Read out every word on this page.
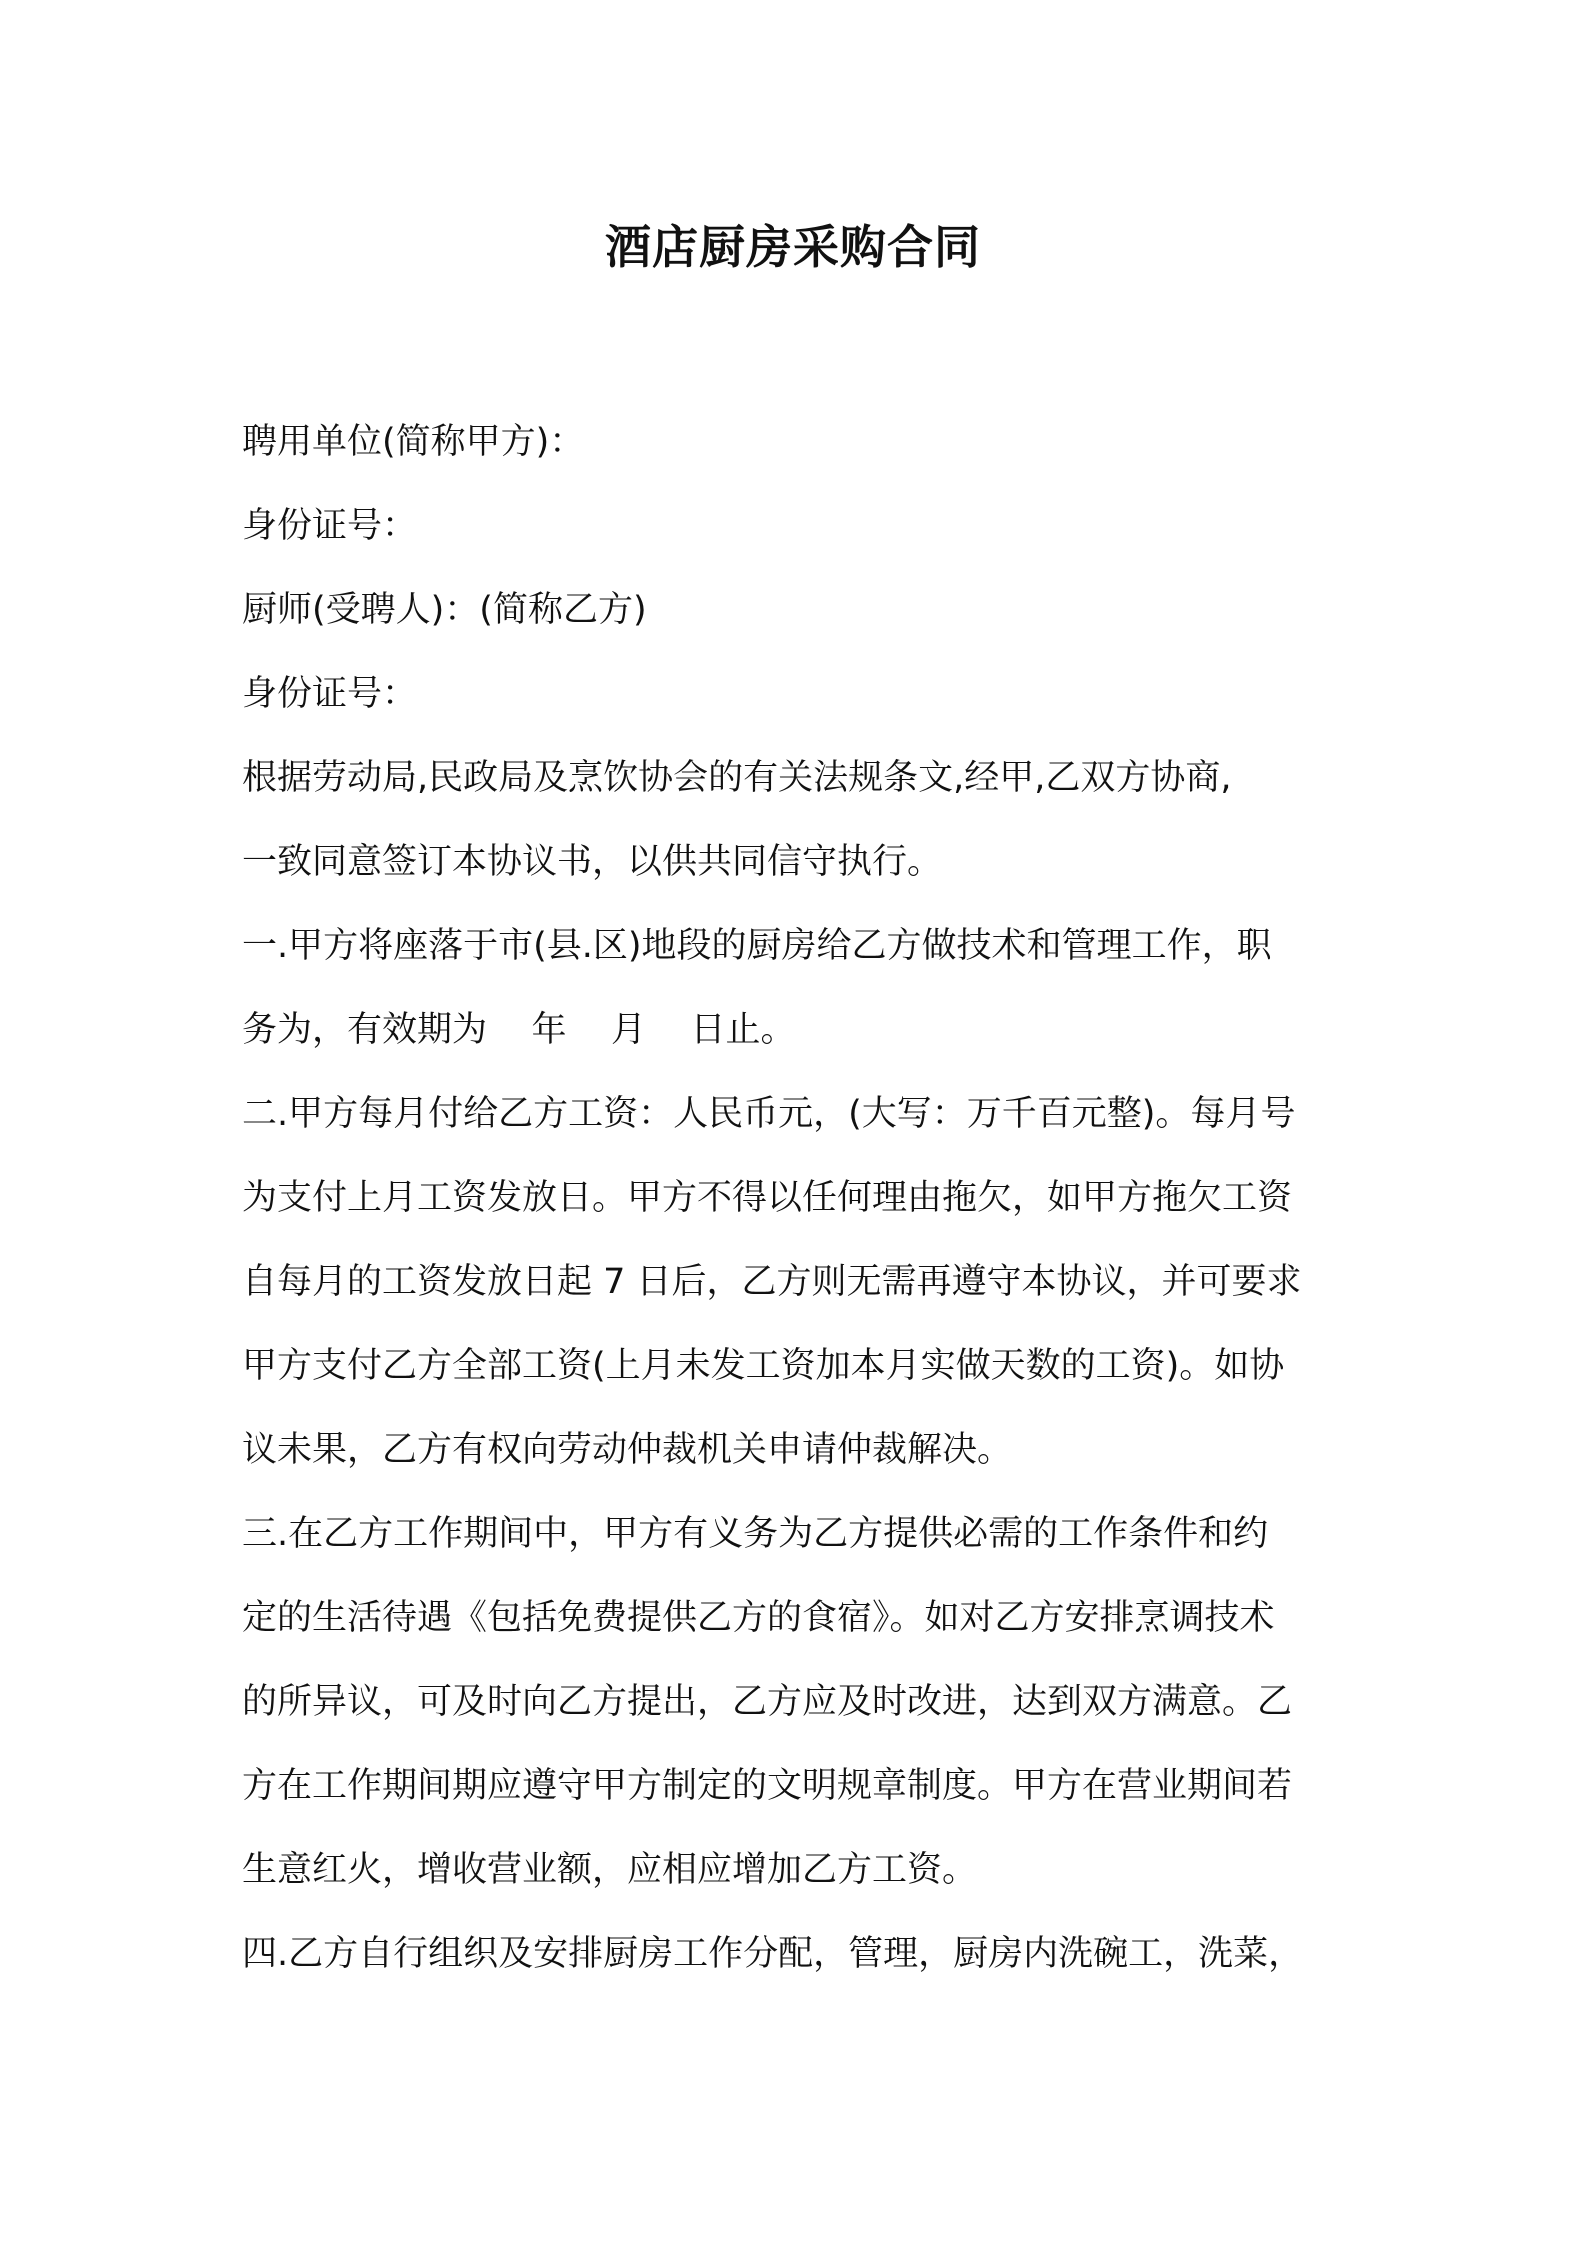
酒店厨房采购合同
聘用单位(简称甲方)：
身份证号：
厨师(受聘人)：(简称乙方)
身份证号：
根据劳动局,民政局及烹饮协会的有关法规条文,经甲,乙双方协商,
一致同意签订本协议书，以供共同信守执行。
一.甲方将座落于市(县.区)地段的厨房给乙方做技术和管理工作，职
务为，有效期为    年    月    日止。
二.甲方每月付给乙方工资：人民币元，(大写：万千百元整)。每月号
为支付上月工资发放日。甲方不得以任何理由拖欠，如甲方拖欠工资
自每月的工资发放日起 7 日后，乙方则无需再遵守本协议，并可要求
甲方支付乙方全部工资(上月未发工资加本月实做天数的工资)。如协
议未果，乙方有权向劳动仲裁机关申请仲裁解决。
三.在乙方工作期间中，甲方有义务为乙方提供必需的工作条件和约
定的生活待遇《包括免费提供乙方的食宿》。如对乙方安排烹调技术
的所异议，可及时向乙方提出，乙方应及时改进，达到双方满意。乙
方在工作期间期应遵守甲方制定的文明规章制度。甲方在营业期间若
生意红火，增收营业额，应相应增加乙方工资。
四.乙方自行组织及安排厨房工作分配，管理，厨房内洗碗工，洗菜，
